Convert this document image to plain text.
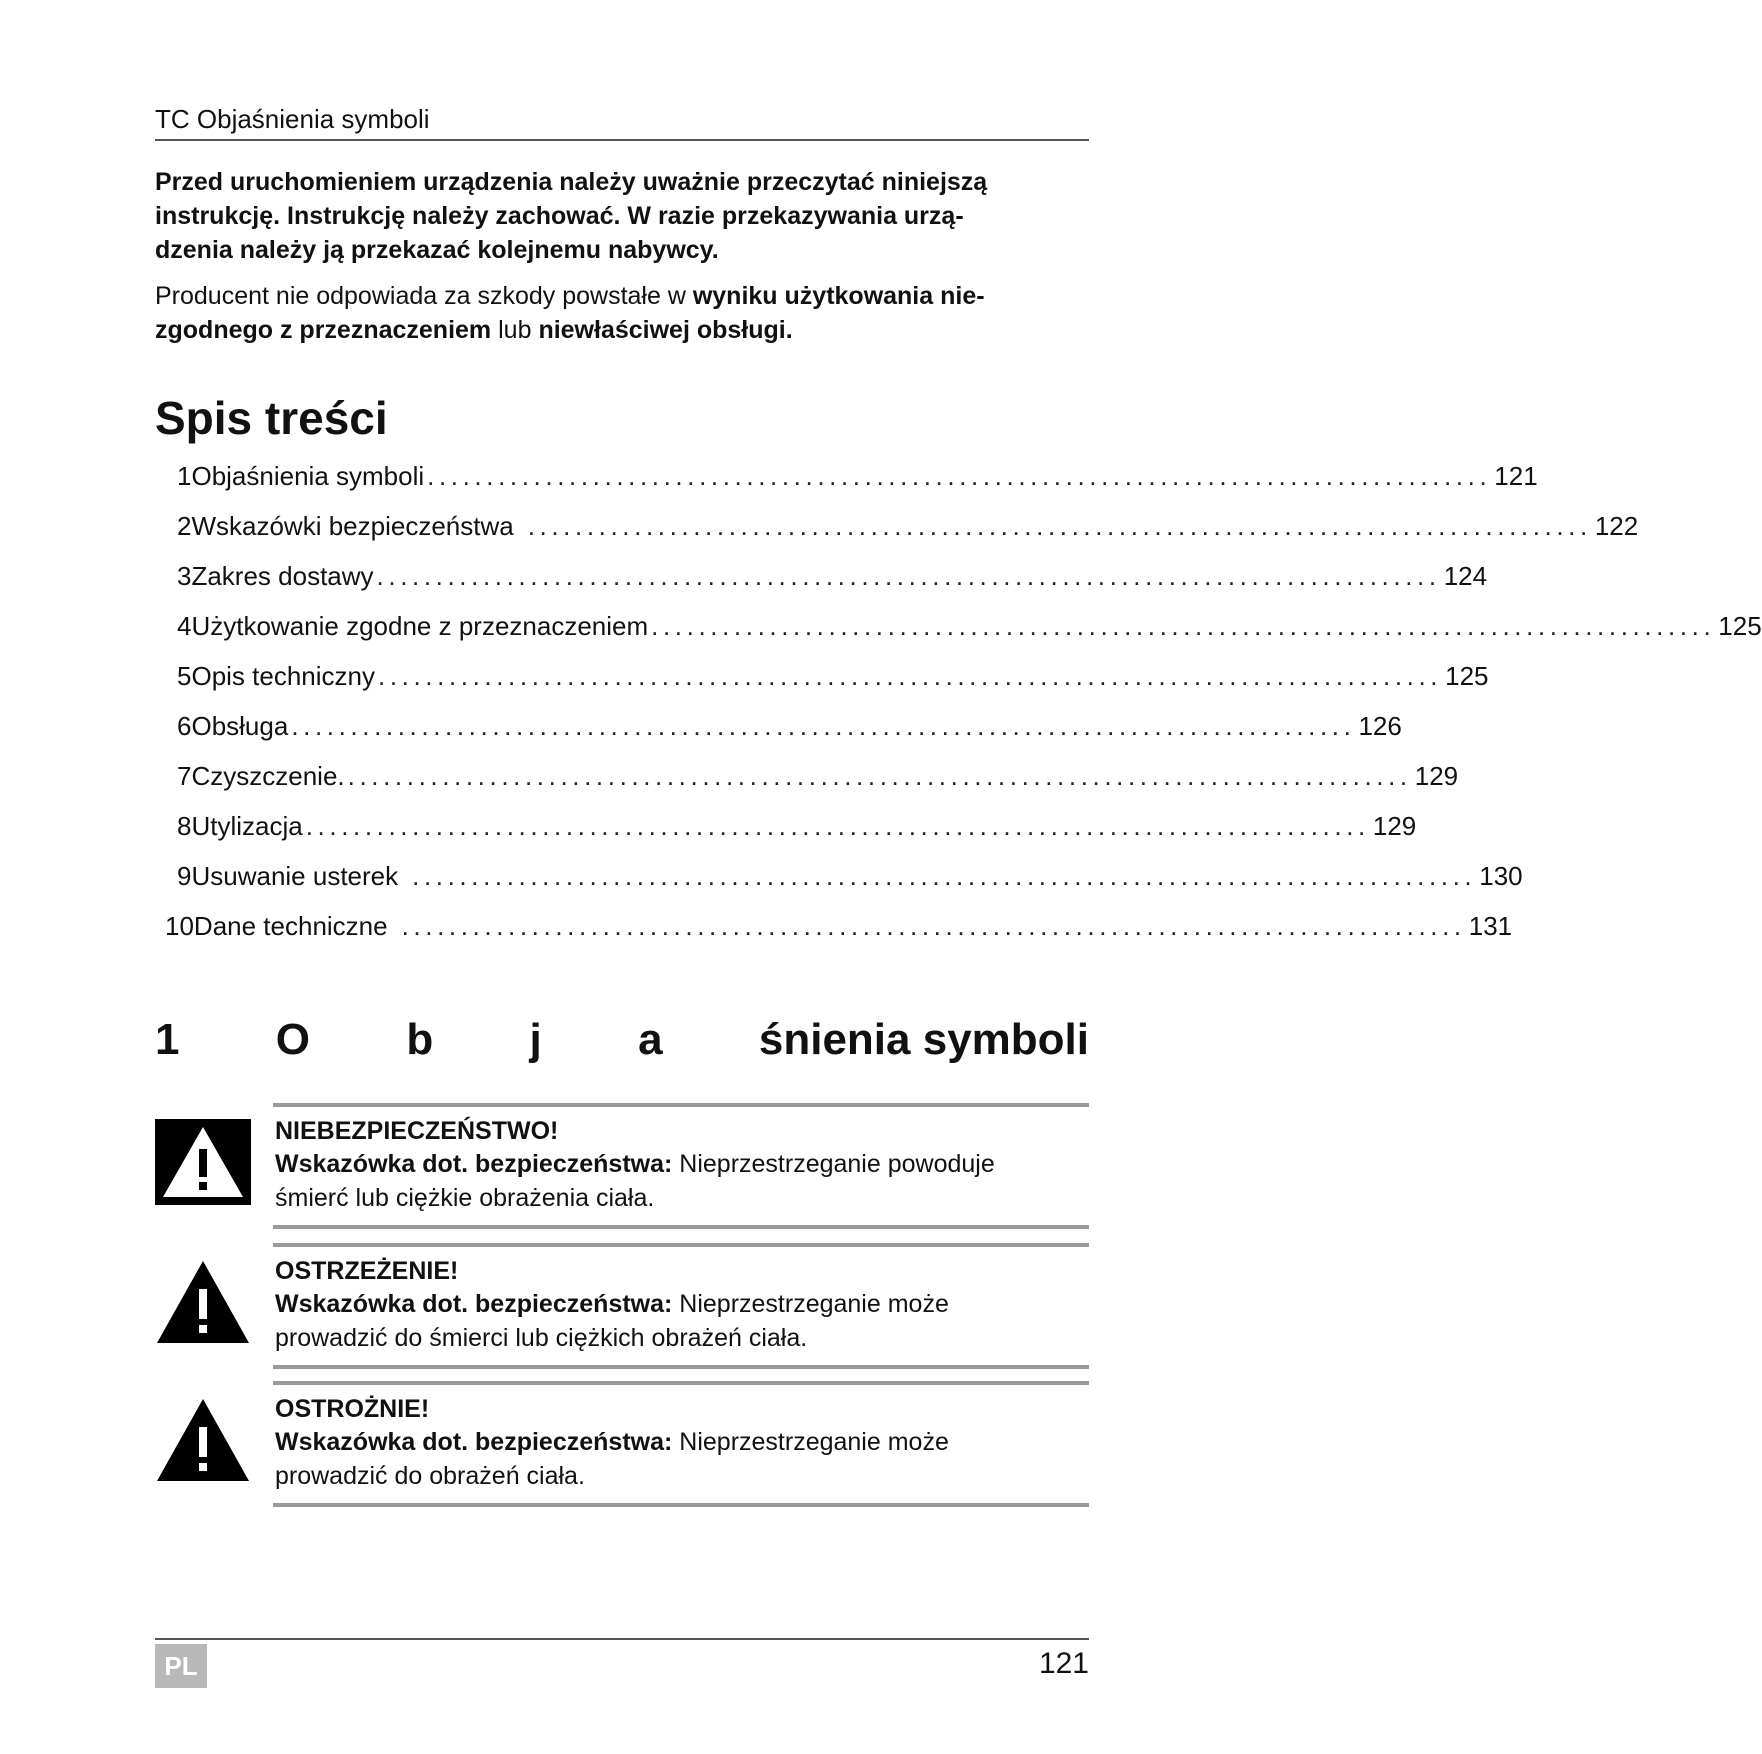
TC Objaśnienia symboli
Przed uruchomieniem urządzenia należy uważnie przeczytać niniejszą
instrukcję. Instrukcję należy zachować. W razie przekazywania urzą-
dzenia należy ją przekazać kolejnemu nabywcy.
Producent nie odpowiada za szkody powstałe w wyniku użytkowania nie-
zgodnego z przeznaczeniem lub niewłaściwej obsługi.
Spis treści
1 Objaśnienia symboli .......................................................................................... 121
2 Wskazówki bezpieczeństwa .......................................................................................... 122
3 Zakres dostawy .......................................................................................... 124
4 Użytkowanie zgodne z przeznaczeniem .......................................................................................... 125
5 Opis techniczny .......................................................................................... 125
6 Obsługa .......................................................................................... 126
7 Czyszczenie. .......................................................................................... 129
8 Utylizacja .......................................................................................... 129
9 Usuwanie usterek .......................................................................................... 130
10 Dane techniczne .......................................................................................... 131
1 O b j a śnienia symboli
NIEBEZPIECZEŃSTWO!
Wskazówka dot. bezpieczeństwa: Nieprzestrzeganie powoduje
śmierć lub ciężkie obrażenia ciała.
OSTRZEŻENIE!
Wskazówka dot. bezpieczeństwa: Nieprzestrzeganie może
prowadzić do śmierci lub ciężkich obrażeń ciała.
OSTROŻNIE!
Wskazówka dot. bezpieczeństwa: Nieprzestrzeganie może
prowadzić do obrażeń ciała.
PL	121
